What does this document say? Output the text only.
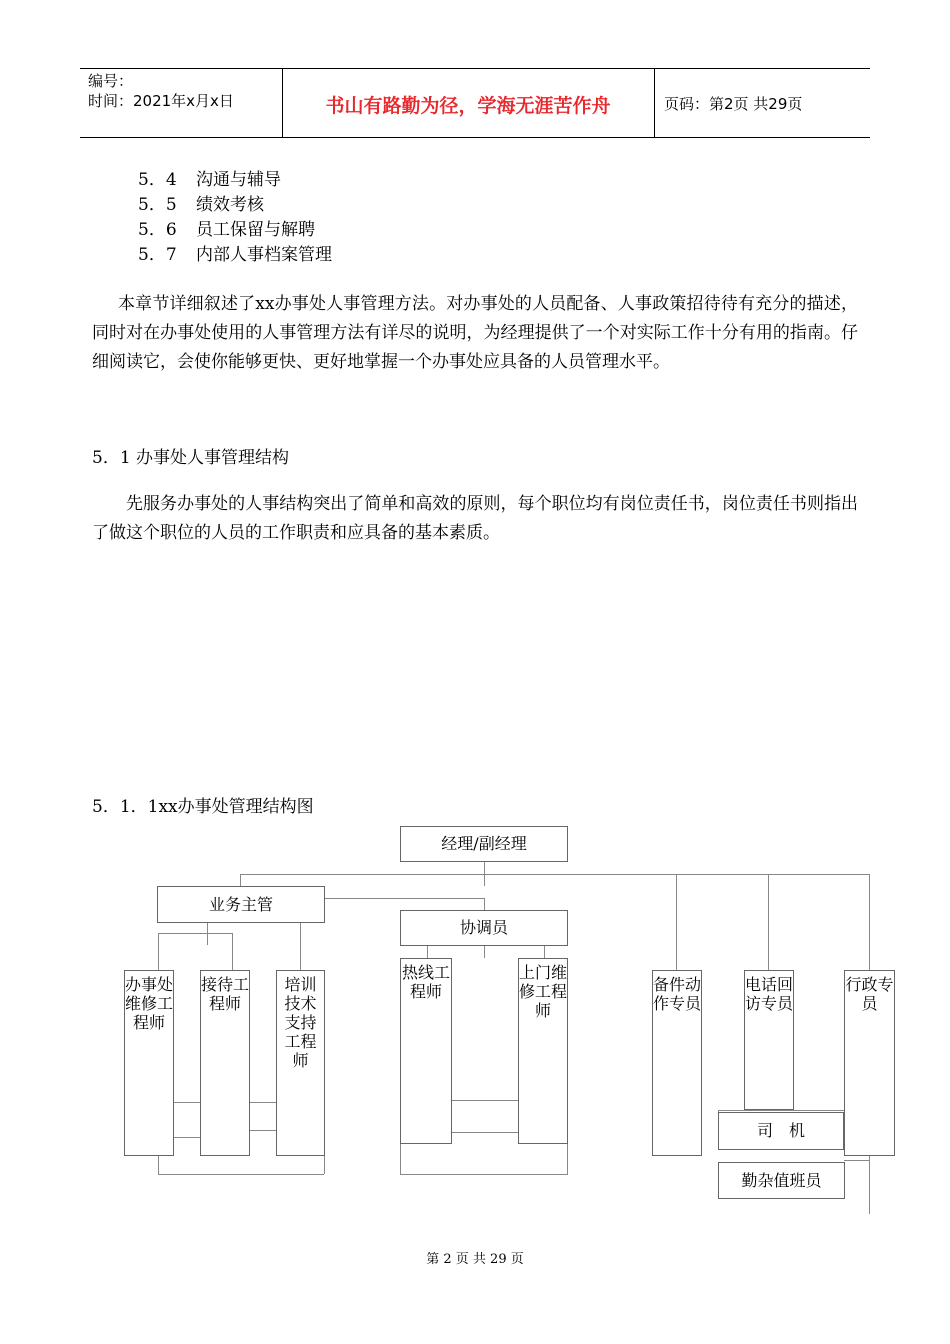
编号：
时间：2021年x月x日	书山有路勤为径，学海无涯苦作舟	页码：第2页 共29页
5．4 沟通与辅导
5．5 绩效考核
5．6 员工保留与解聘
5．7 内部人事档案管理
本章节详细叙述了xx办事处人事管理方法。对办事处的人员配备、人事政策招待待有充分的描述，同时对在办事处使用的人事管理方法有详尽的说明，为经理提供了一个对实际工作十分有用的指南。仔细阅读它，会使你能够更快、更好地掌握一个办事处应具备的人员管理水平。
5．1 办事处人事管理结构
先服务办事处的人事结构突出了简单和高效的原则，每个职位均有岗位责任书，岗位责任书则指出了做这个职位的人员的工作职责和应具备的基本素质。
5．1．1xx办事处管理结构图
经理/副经理
业务主管
协调员
办事处维修工程师
接待工程师
培训技术支持工程师
热线工程师
上门维修工程师
备件动作专员
电话回访专员
行政专员
司　机
勤杂值班员
第 2 页 共 29 页
